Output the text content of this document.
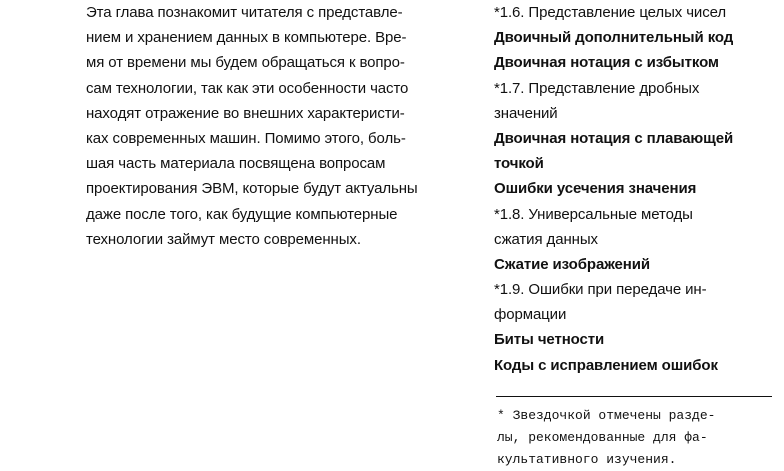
Эта глава познакомит читателя с представле-
нием и хранением данных в компьютере. Вре-
мя от времени мы будем обращаться к вопро-
сам технологии, так как эти особенности часто
находят отражение во внешних характеристи-
ках современных машин. Помимо этого, боль-
шая часть материала посвящена вопросам
проектирования ЭВМ, которые будут актуальны
даже после того, как будущие компьютерные
технологии займут место современных.
*1.6. Представление целых чисел
Двоичный дополнительный код
Двоичная нотация с избытком
*1.7. Представление дробных
значений
Двоичная нотация с плавающей
точкой
Ошибки усечения значения
*1.8. Универсальные методы
сжатия данных
Сжатие изображений
*1.9. Ошибки при передаче ин-
формации
Биты четности
Коды с исправлением ошибок
* Звездочкой отмечены разде-
лы, рекомендованные для фа-
культативного изучения.
